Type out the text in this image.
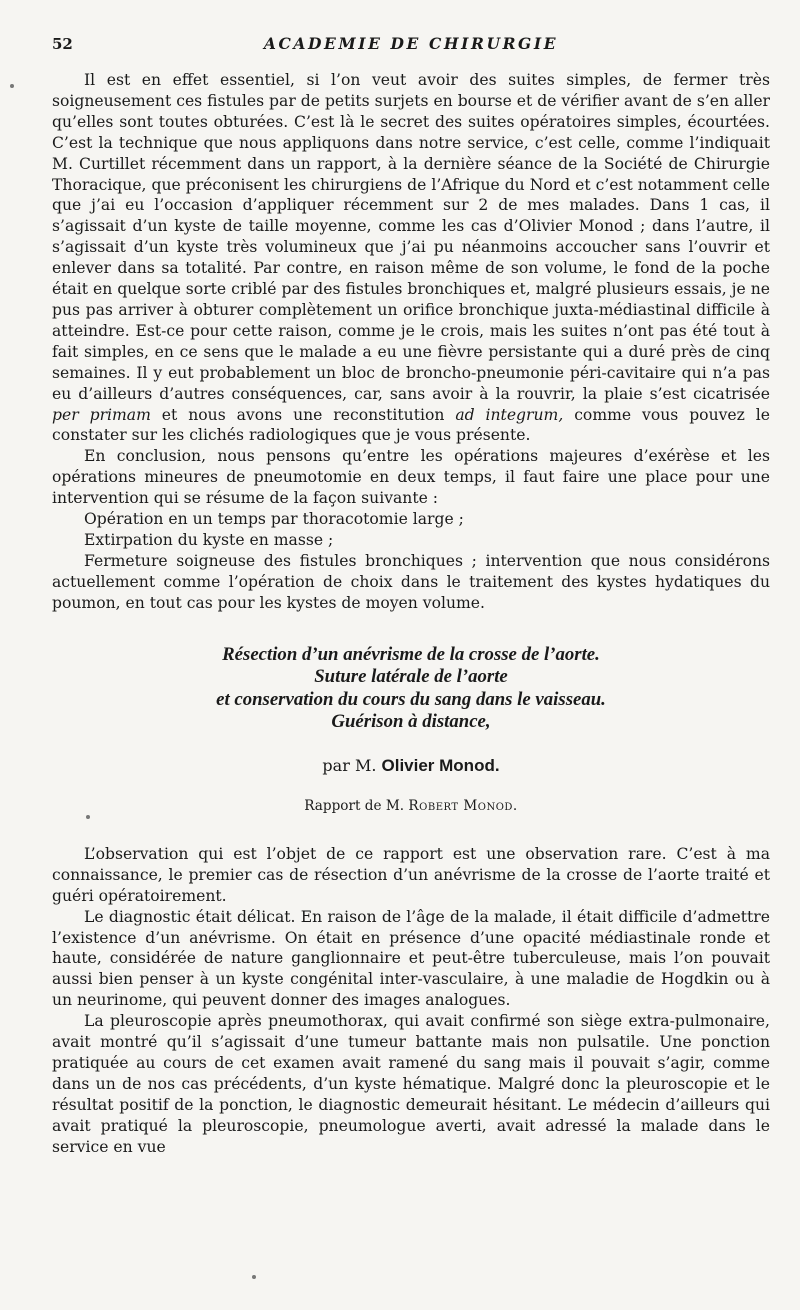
52	ACADEMIE DE CHIRURGIE

Il est en effet essentiel, si l’on veut avoir des suites simples, de fermer très soigneusement ces fistules par de petits surjets en bourse et de vérifier avant de s’en aller qu’elles sont toutes obturées. C’est là le secret des suites opératoires simples, écourtées. C’est la technique que nous appliquons dans notre service, c’est celle, comme l’indiquait M. Curtillet récemment dans un rapport, à la dernière séance de la Société de Chirurgie Thoracique, que préconisent les chirurgiens de l’Afrique du Nord et c’est notamment celle que j’ai eu l’occasion d’appliquer récemment sur 2 de mes malades. Dans 1 cas, il s’agissait d’un kyste de taille moyenne, comme les cas d’Olivier Monod ; dans l’autre, il s’agissait d’un kyste très volumineux que j’ai pu néanmoins accoucher sans l’ouvrir et enlever dans sa totalité. Par contre, en raison même de son volume, le fond de la poche était en quelque sorte criblé par des fistules bronchiques et, malgré plusieurs essais, je ne pus pas arriver à obturer complètement un orifice bronchique juxta-médiastinal difficile à atteindre. Est-ce pour cette raison, comme je le crois, mais les suites n’ont pas été tout à fait simples, en ce sens que le malade a eu une fièvre persistante qui a duré près de cinq semaines. Il y eut probablement un bloc de broncho-pneumonie péri-cavitaire qui n’a pas eu d’ailleurs d’autres conséquences, car, sans avoir à la rouvrir, la plaie s’est cicatrisée per primam et nous avons une reconstitution ad integrum, comme vous pouvez le constater sur les clichés radiologiques que je vous présente.

En conclusion, nous pensons qu’entre les opérations majeures d’exérèse et les opérations mineures de pneumotomie en deux temps, il faut faire une place pour une intervention qui se résume de la façon suivante :

Opération en un temps par thoracotomie large ;

Extirpation du kyste en masse ;

Fermeture soigneuse des fistules bronchiques ; intervention que nous considérons actuellement comme l’opération de choix dans le traitement des kystes hydatiques du poumon, en tout cas pour les kystes de moyen volume.

Résection d’un anévrisme de la crosse de l’aorte.
Suture latérale de l’aorte
et conservation du cours du sang dans le vaisseau.
Guérison à distance,
par M. Olivier Monod.
Rapport de M. Robert Monod.

L’observation qui est l’objet de ce rapport est une observation rare. C’est à ma connaissance, le premier cas de résection d’un anévrisme de la crosse de l’aorte traité et guéri opératoirement.

Le diagnostic était délicat. En raison de l’âge de la malade, il était difficile d’admettre l’existence d’un anévrisme. On était en présence d’une opacité médiastinale ronde et haute, considérée de nature ganglionnaire et peut-être tuberculeuse, mais l’on pouvait aussi bien penser à un kyste congénital inter-vasculaire, à une maladie de Hogdkin ou à un neurinome, qui peuvent donner des images analogues.

La pleuroscopie après pneumothorax, qui avait confirmé son siège extra-pulmonaire, avait montré qu’il s’agissait d’une tumeur battante mais non pulsatile. Une ponction pratiquée au cours de cet examen avait ramené du sang mais il pouvait s’agir, comme dans un de nos cas précédents, d’un kyste hématique. Malgré donc la pleuroscopie et le résultat positif de la ponction, le diagnostic demeurait hésitant. Le médecin d’ailleurs qui avait pratiqué la pleuroscopie, pneumologue averti, avait adressé la malade dans le service en vue
